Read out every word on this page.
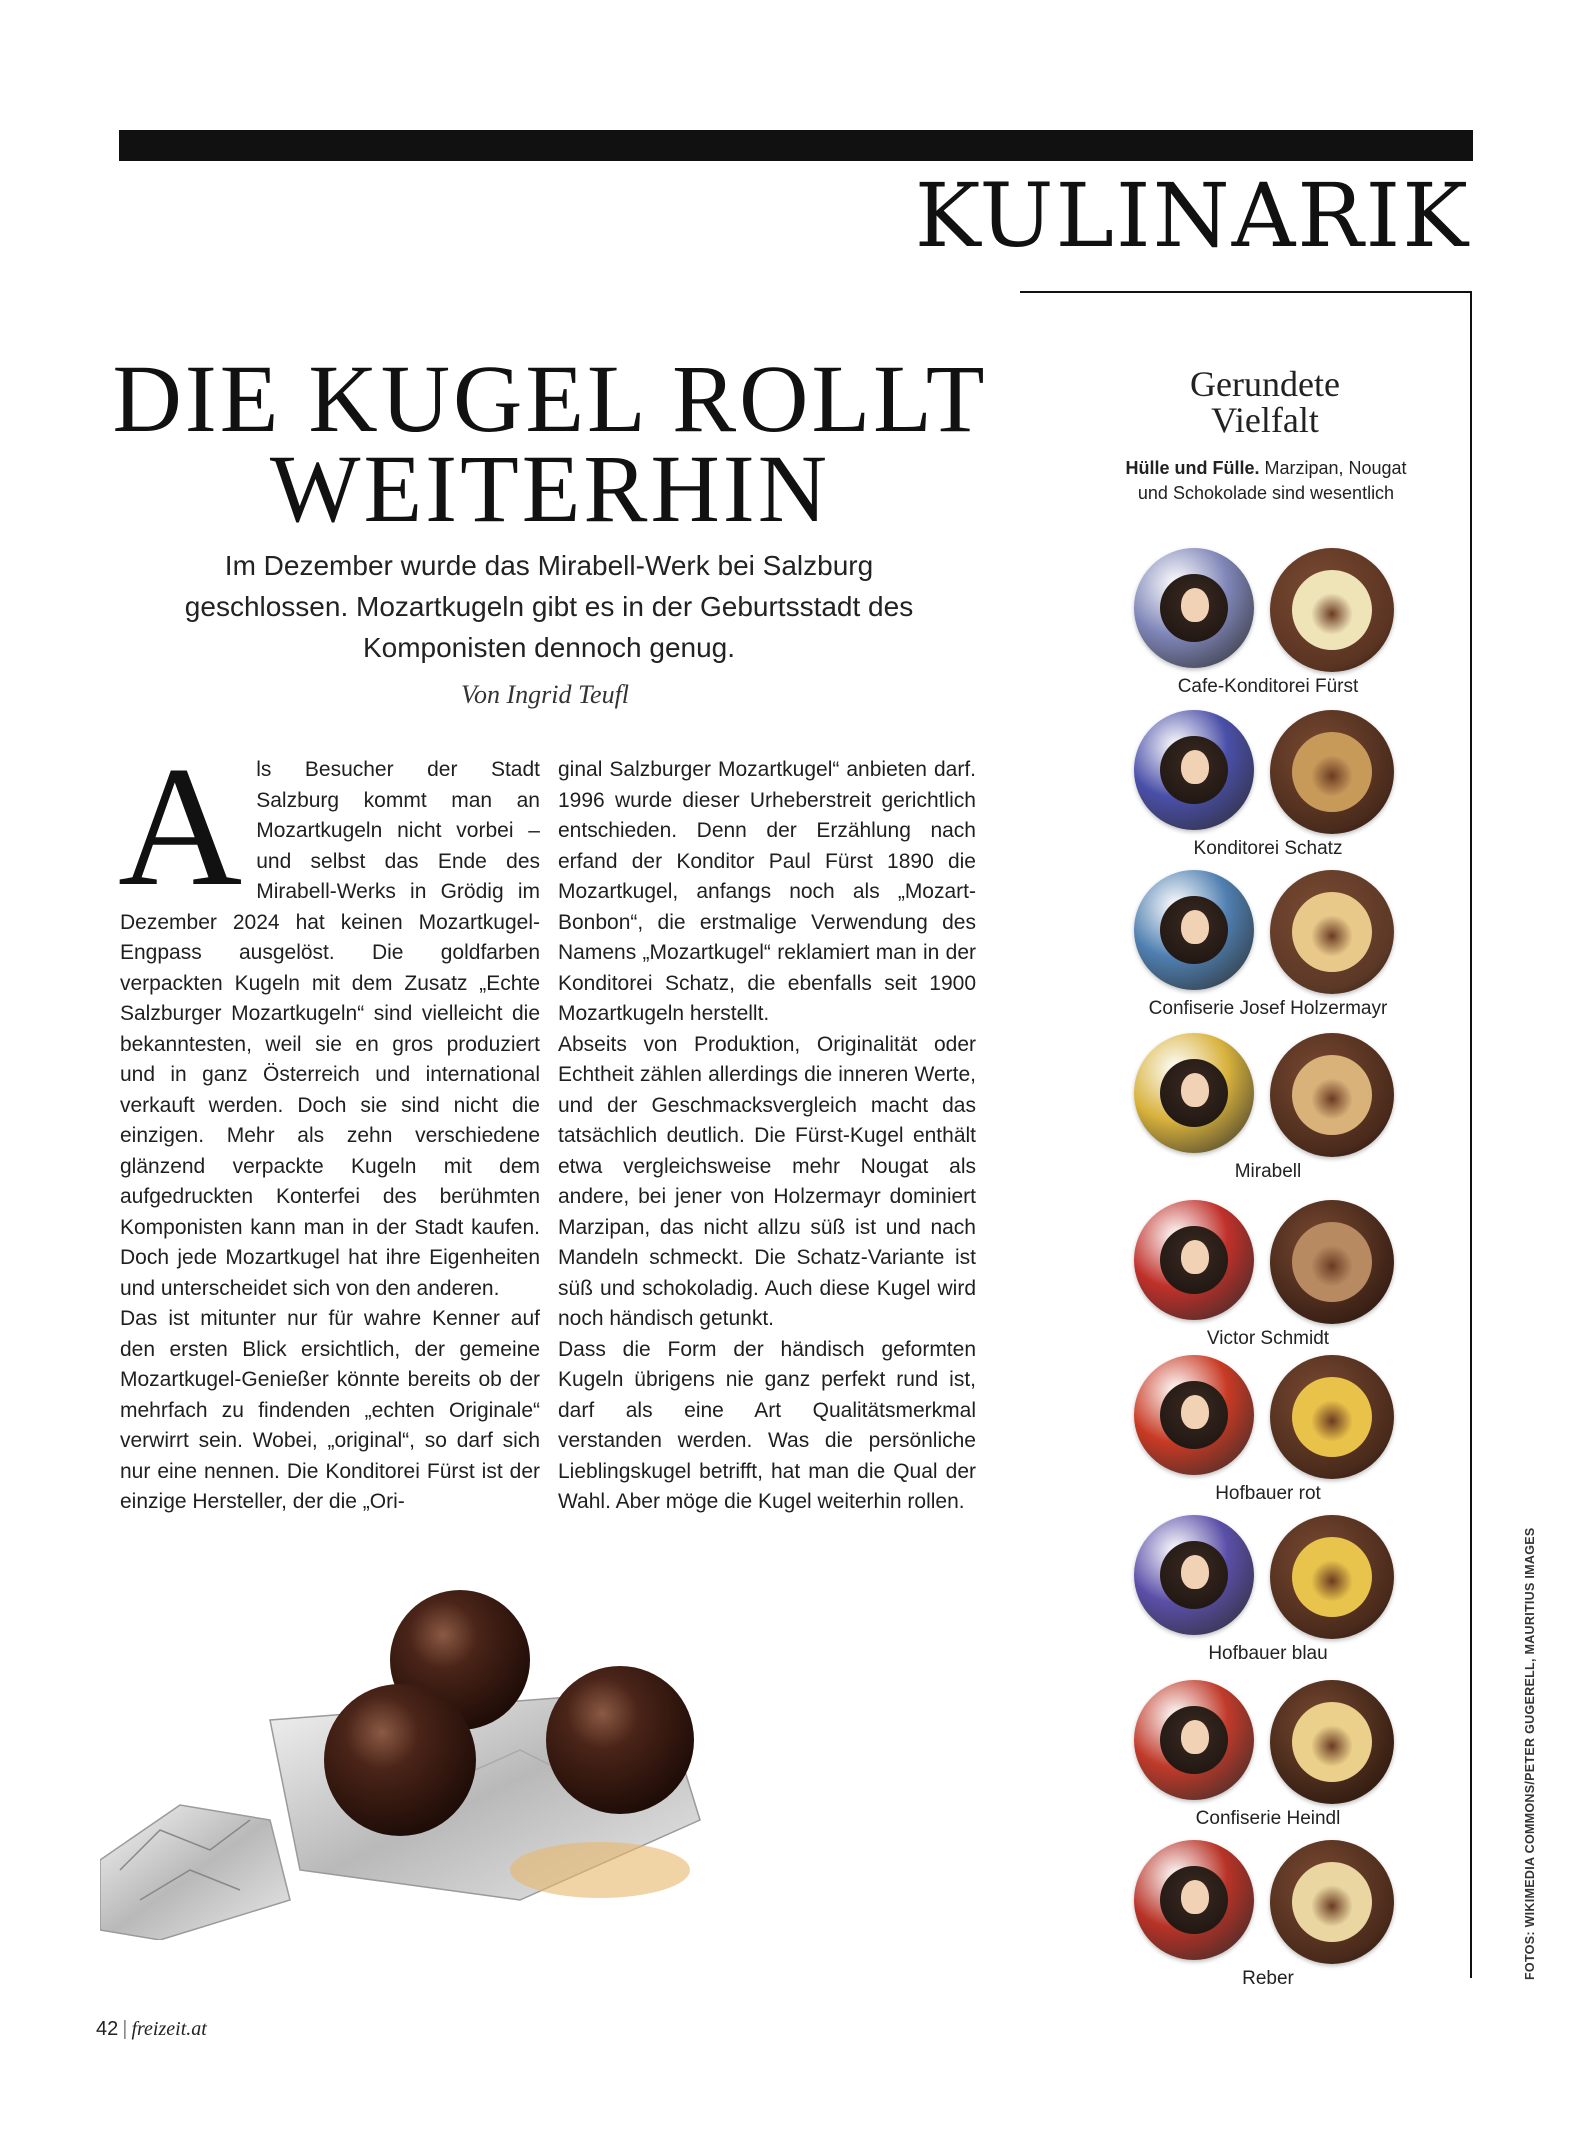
KULINARIK
DIE KUGEL ROLLT
WEITERHIN
Im Dezember wurde das Mirabell-Werk bei Salzburg geschlossen. Mozartkugeln gibt es in der Geburtsstadt des Komponisten dennoch genug.
Von Ingrid Teufl

Als Besucher der Stadt Salzburg kommt man an Mozartkugeln nicht vorbei – und selbst das Ende des Mirabell-Werks in Grödig im Dezember 2024 hat keinen Mozartkugel-Engpass ausgelöst. Die goldfarben verpackten Kugeln mit dem Zusatz „Echte Salzburger Mozartkugeln“ sind vielleicht die bekanntesten, weil sie en gros produziert und in ganz Österreich und international verkauft werden. Doch sie sind nicht die einzigen. Mehr als zehn verschiedene glänzend verpackte Kugeln mit dem aufgedruckten Konterfei des berühmten Komponisten kann man in der Stadt kaufen. Doch jede Mozartkugel hat ihre Eigenheiten und unterscheidet sich von den anderen.

Das ist mitunter nur für wahre Kenner auf den ersten Blick ersichtlich, der gemeine Mozartkugel-Genießer könnte bereits ob der mehrfach zu findenden „echten Originale“ verwirrt sein. Wobei, „original“, so darf sich nur eine nennen. Die Konditorei Fürst ist der einzige Hersteller, der die „Ori-

ginal Salzburger Mozartkugel“ anbieten darf. 1996 wurde dieser Urheberstreit gerichtlich entschieden. Denn der Erzählung nach erfand der Konditor Paul Fürst 1890 die Mozartkugel, anfangs noch als „Mozart-Bonbon“, die erstmalige Verwendung des Namens „Mozartkugel“ reklamiert man in der Konditorei Schatz, die ebenfalls seit 1900 Mozartkugeln herstellt.

Abseits von Produktion, Originalität oder Echtheit zählen allerdings die inneren Werte, und der Geschmacksvergleich macht das tatsächlich deutlich. Die Fürst-Kugel enthält etwa vergleichsweise mehr Nougat als andere, bei jener von Holzermayr dominiert Marzipan, das nicht allzu süß ist und nach Mandeln schmeckt. Die Schatz-Variante ist süß und schokoladig. Auch diese Kugel wird noch händisch getunkt.

Dass die Form der händisch geformten Kugeln übrigens nie ganz perfekt rund ist, darf als eine Art Qualitätsmerkmal verstanden werden. Was die persönliche Lieblingskugel betrifft, hat man die Qual der Wahl. Aber möge die Kugel weiterhin rollen.

Gerundete
Vielfalt
Hülle und Fülle. Marzipan, Nougat und Schokolade sind wesentlich
Cafe-Konditorei Fürst
Konditorei Schatz
Confiserie Josef Holzermayr
Mirabell
Victor Schmidt
Hofbauer rot
Hofbauer blau
Confiserie Heindl
Reber	FOTOS: WIKIMEDIA COMMONS/PETER GUGERELL, MAURITIUS IMAGES
42 | freizeit.at
